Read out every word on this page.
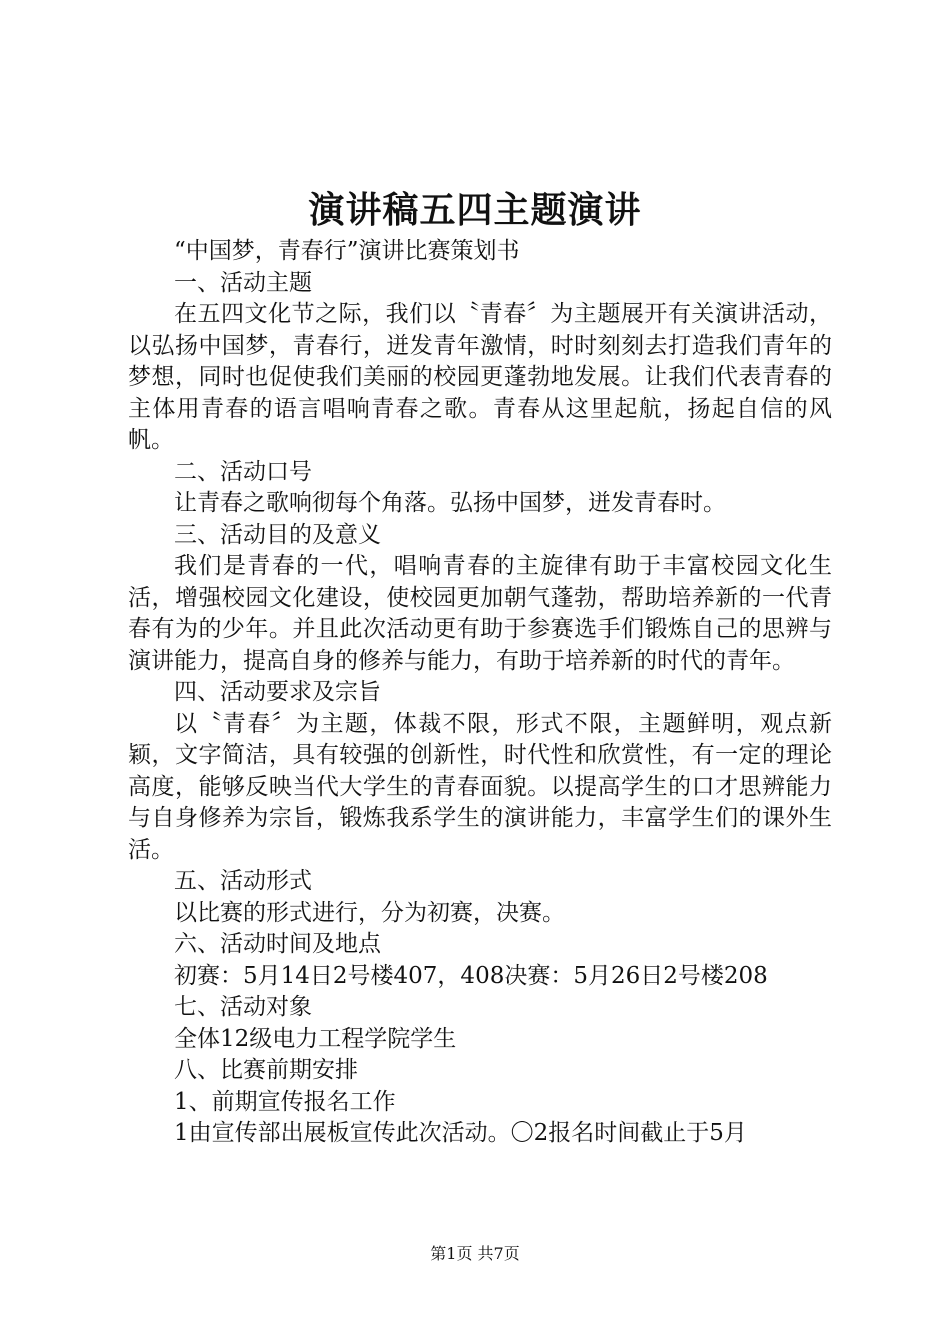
演讲稿五四主题演讲

“中国梦，青春行”演讲比赛策划书

一、活动主题

在五四文化节之际，我们以〝青春〞为主题展开有关演讲活动，以弘扬中国梦，青春行，迸发青年激情，时时刻刻去打造我们青年的梦想，同时也促使我们美丽的校园更蓬勃地发展。让我们代表青春的主体用青春的语言唱响青春之歌。青春从这里起航，扬起自信的风帆。

二、活动口号

让青春之歌响彻每个角落。弘扬中国梦，迸发青春时。

三、活动目的及意义

我们是青春的一代，唱响青春的主旋律有助于丰富校园文化生活，增强校园文化建设，使校园更加朝气蓬勃，帮助培养新的一代青春有为的少年。并且此次活动更有助于参赛选手们锻炼自己的思辨与演讲能力，提高自身的修养与能力，有助于培养新的时代的青年。

四、活动要求及宗旨

以〝青春〞为主题，体裁不限，形式不限，主题鲜明，观点新颖，文字简洁，具有较强的创新性，时代性和欣赏性，有一定的理论高度，能够反映当代大学生的青春面貌。以提高学生的口才思辨能力与自身修养为宗旨，锻炼我系学生的演讲能力，丰富学生们的课外生活。

五、活动形式

以比赛的形式进行，分为初赛，决赛。

六、活动时间及地点

初赛：5月14日2号楼407，408决赛：5月26日2号楼208

七、活动对象

全体12级电力工程学院学生

八、比赛前期安排

1、前期宣传报名工作

1由宣传部出展板宣传此次活动。〇2报名时间截止于5月

第1页 共7页
